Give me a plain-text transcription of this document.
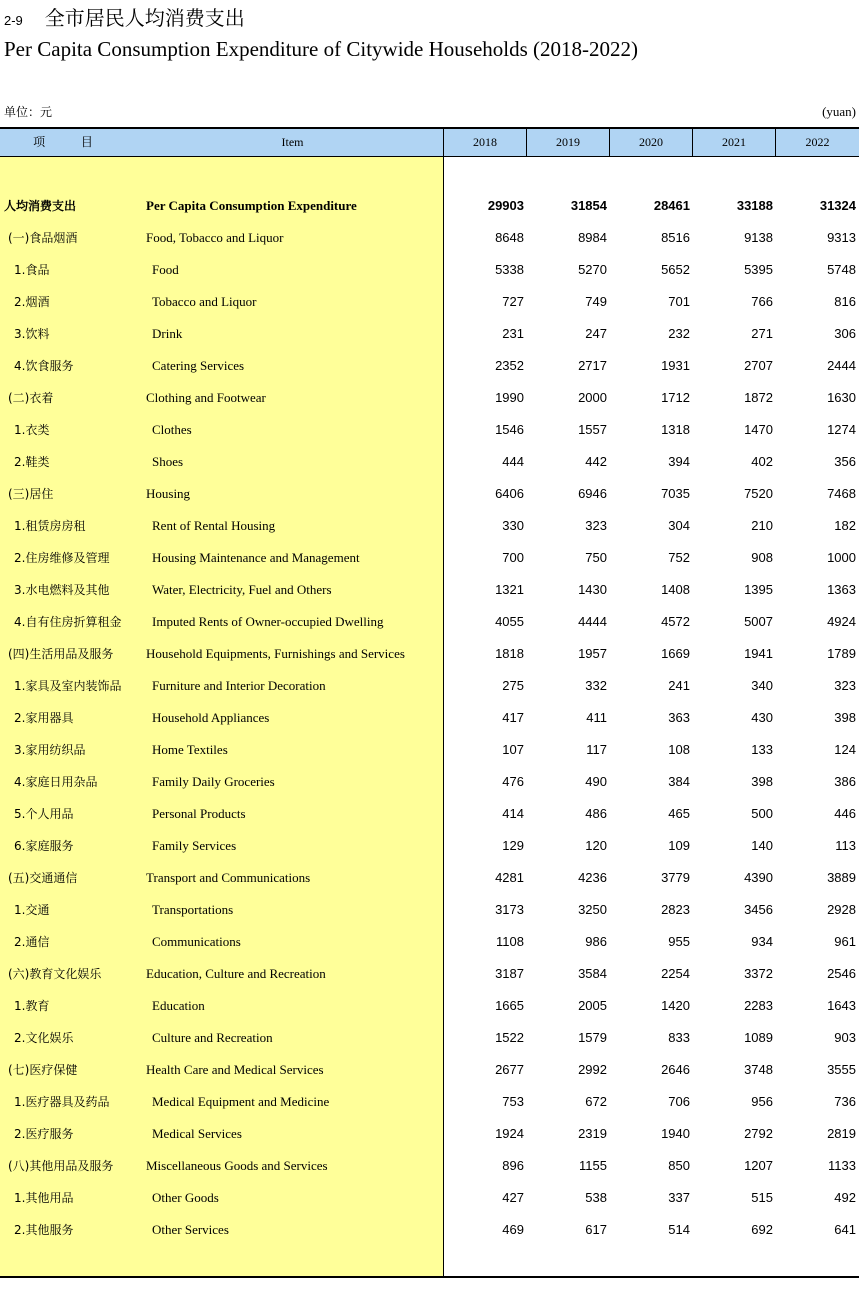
2-9 全市居民人均消费支出
Per Capita Consumption Expenditure of Citywide Households (2018-2022)
单位：元	(yuan)
项 目	Item	2018	2019	2020	2021	2022
人均消费支出	Per Capita Consumption Expenditure	29903	31854	28461	33188	31324
(一)食品烟酒	Food, Tobacco and Liquor	8648	8984	8516	9138	9313
1.食品	Food	5338	5270	5652	5395	5748
2.烟酒	Tobacco and Liquor	727	749	701	766	816
3.饮料	Drink	231	247	232	271	306
4.饮食服务	Catering Services	2352	2717	1931	2707	2444
(二)衣着	Clothing and Footwear	1990	2000	1712	1872	1630
1.衣类	Clothes	1546	1557	1318	1470	1274
2.鞋类	Shoes	444	442	394	402	356
(三)居住	Housing	6406	6946	7035	7520	7468
1.租赁房房租	Rent of Rental Housing	330	323	304	210	182
2.住房维修及管理	Housing Maintenance and Management	700	750	752	908	1000
3.水电燃料及其他	Water, Electricity, Fuel and Others	1321	1430	1408	1395	1363
4.自有住房折算租金 Imputed Rents of Owner-occupied Dwelling	4055	4444	4572	5007	4924
(四)生活用品及服务	Household Equipments, Furnishings and Services	1818	1957	1669	1941	1789
1.家具及室内装饰品 Furniture and Interior Decoration	275	332	241	340	323
2.家用器具	Household Appliances	417	411	363	430	398
3.家用纺织品	Home Textiles	107	117	108	133	124
4.家庭日用杂品	Family Daily Groceries	476	490	384	398	386
5.个人用品	Personal Products	414	486	465	500	446
6.家庭服务	Family Services	129	120	109	140	113
(五)交通通信	Transport and Communications	4281	4236	3779	4390	3889
1.交通	Transportations	3173	3250	2823	3456	2928
2.通信	Communications	1108	986	955	934	961
(六)教育文化娱乐	Education, Culture and Recreation	3187	3584	2254	3372	2546
1.教育	Education	1665	2005	1420	2283	1643
2.文化娱乐	Culture and Recreation	1522	1579	833	1089	903
(七)医疗保健	Health Care and Medical Services	2677	2992	2646	3748	3555
1.医疗器具及药品	Medical Equipment and Medicine	753	672	706	956	736
2.医疗服务	Medical Services	1924	2319	1940	2792	2819
(八)其他用品及服务	Miscellaneous Goods and Services	896	1155	850	1207	1133
1.其他用品	Other Goods	427	538	337	515	492
2.其他服务	Other Services	469	617	514	692	641
